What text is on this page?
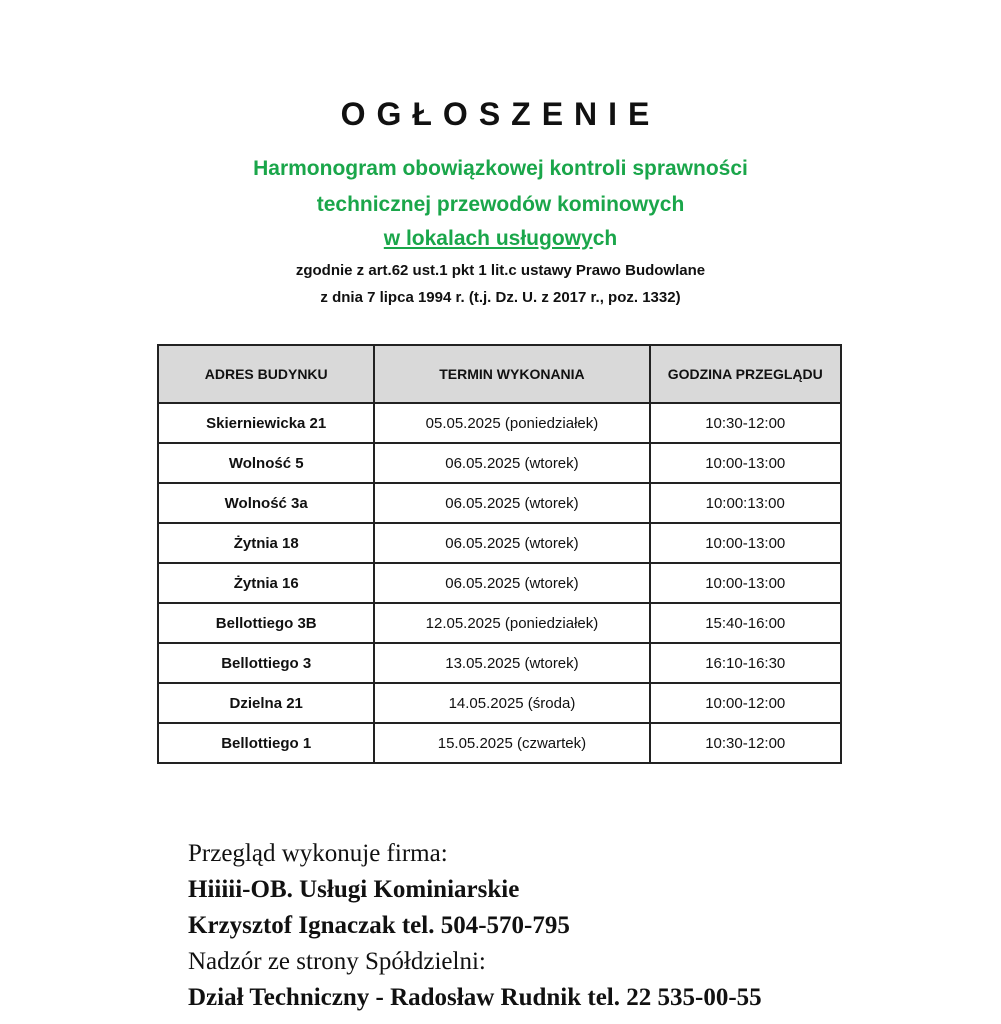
OGŁOSZENIE
Harmonogram obowiązkowej kontroli sprawności
technicznej przewodów kominowych
w lokalach usługowych
zgodnie z art.62 ust.1 pkt 1 lit.c ustawy Prawo Budowlane
z dnia 7 lipca 1994 r. (t.j. Dz. U. z 2017 r., poz. 1332)
ADRES BUDYNKU	TERMIN WYKONANIA	GODZINA PRZEGLĄDU
Skierniewicka 21	05.05.2025 (poniedziałek)	10:30-12:00
Wolność 5	06.05.2025 (wtorek)	10:00-13:00
Wolność 3a	06.05.2025 (wtorek)	10:00:13:00
Żytnia 18	06.05.2025 (wtorek)	10:00-13:00
Żytnia 16	06.05.2025 (wtorek)	10:00-13:00
Bellottiego 3B	12.05.2025 (poniedziałek)	15:40-16:00
Bellottiego 3	13.05.2025 (wtorek)	16:10-16:30
Dzielna 21	14.05.2025 (środa)	10:00-12:00
Bellottiego 1	15.05.2025 (czwartek)	10:30-12:00
Przegląd wykonuje firma:
Hiiiii-OB. Usługi Kominiarskie
Krzysztof Ignaczak tel. 504-570-795
Nadzór ze strony Spółdzielni:
Dział Techniczny - Radosław Rudnik tel. 22 535-00-55
